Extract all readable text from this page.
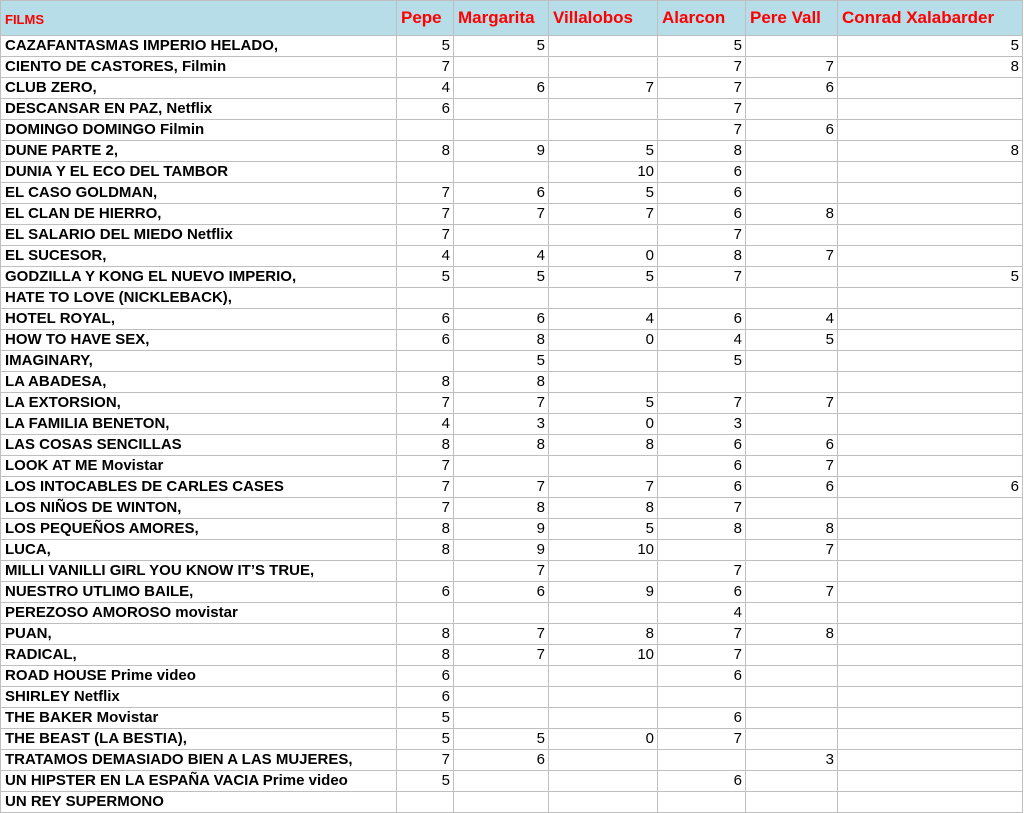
FILMS	Pepe	Margarita	Villalobos	Alarcon	Pere Vall	Conrad Xalabarder
CAZAFANTASMAS IMPERIO HELADO,	5	5		5		5
CIENTO DE CASTORES, Filmin	7			7	7	8
CLUB ZERO,	4	6	7	7	6	
DESCANSAR EN PAZ, Netflix	6			7		
DOMINGO DOMINGO Filmin				7	6	
DUNE PARTE 2,	8	9	5	8		8
DUNIA Y EL ECO DEL TAMBOR			10	6		
EL CASO GOLDMAN,	7	6	5	6		
EL CLAN DE HIERRO,	7	7	7	6	8	
EL SALARIO DEL MIEDO Netflix	7			7		
EL SUCESOR,	4	4	0	8	7	
GODZILLA Y KONG EL NUEVO IMPERIO,	5	5	5	7		5
HATE TO LOVE (NICKLEBACK),						
HOTEL ROYAL,	6	6	4	6	4	
HOW TO HAVE SEX,	6	8	0	4	5	
IMAGINARY,		5		5		
LA ABADESA,	8	8				
LA EXTORSION,	7	7	5	7	7	
LA FAMILIA BENETON,	4	3	0	3		
LAS COSAS SENCILLAS	8	8	8	6	6	
LOOK AT ME Movistar	7			6	7	
LOS INTOCABLES DE CARLES CASES	7	7	7	6	6	6
LOS NIÑOS DE WINTON,	7	8	8	7		
LOS PEQUEÑOS AMORES,	8	9	5	8	8	
LUCA,	8	9	10		7	
MILLI VANILLI GIRL YOU KNOW IT’S TRUE,		7		7		
NUESTRO UTLIMO BAILE,	6	6	9	6	7	
PEREZOSO AMOROSO movistar				4		
PUAN,	8	7	8	7	8	
RADICAL,	8	7	10	7		
ROAD HOUSE Prime video	6			6		
SHIRLEY Netflix	6					
THE BAKER Movistar	5			6		
THE BEAST (LA BESTIA),	5	5	0	7		
TRATAMOS DEMASIADO BIEN A LAS MUJERES,	7	6			3	
UN HIPSTER EN LA ESPAÑA VACIA Prime video	5			6		
UN REY SUPERMONO						
